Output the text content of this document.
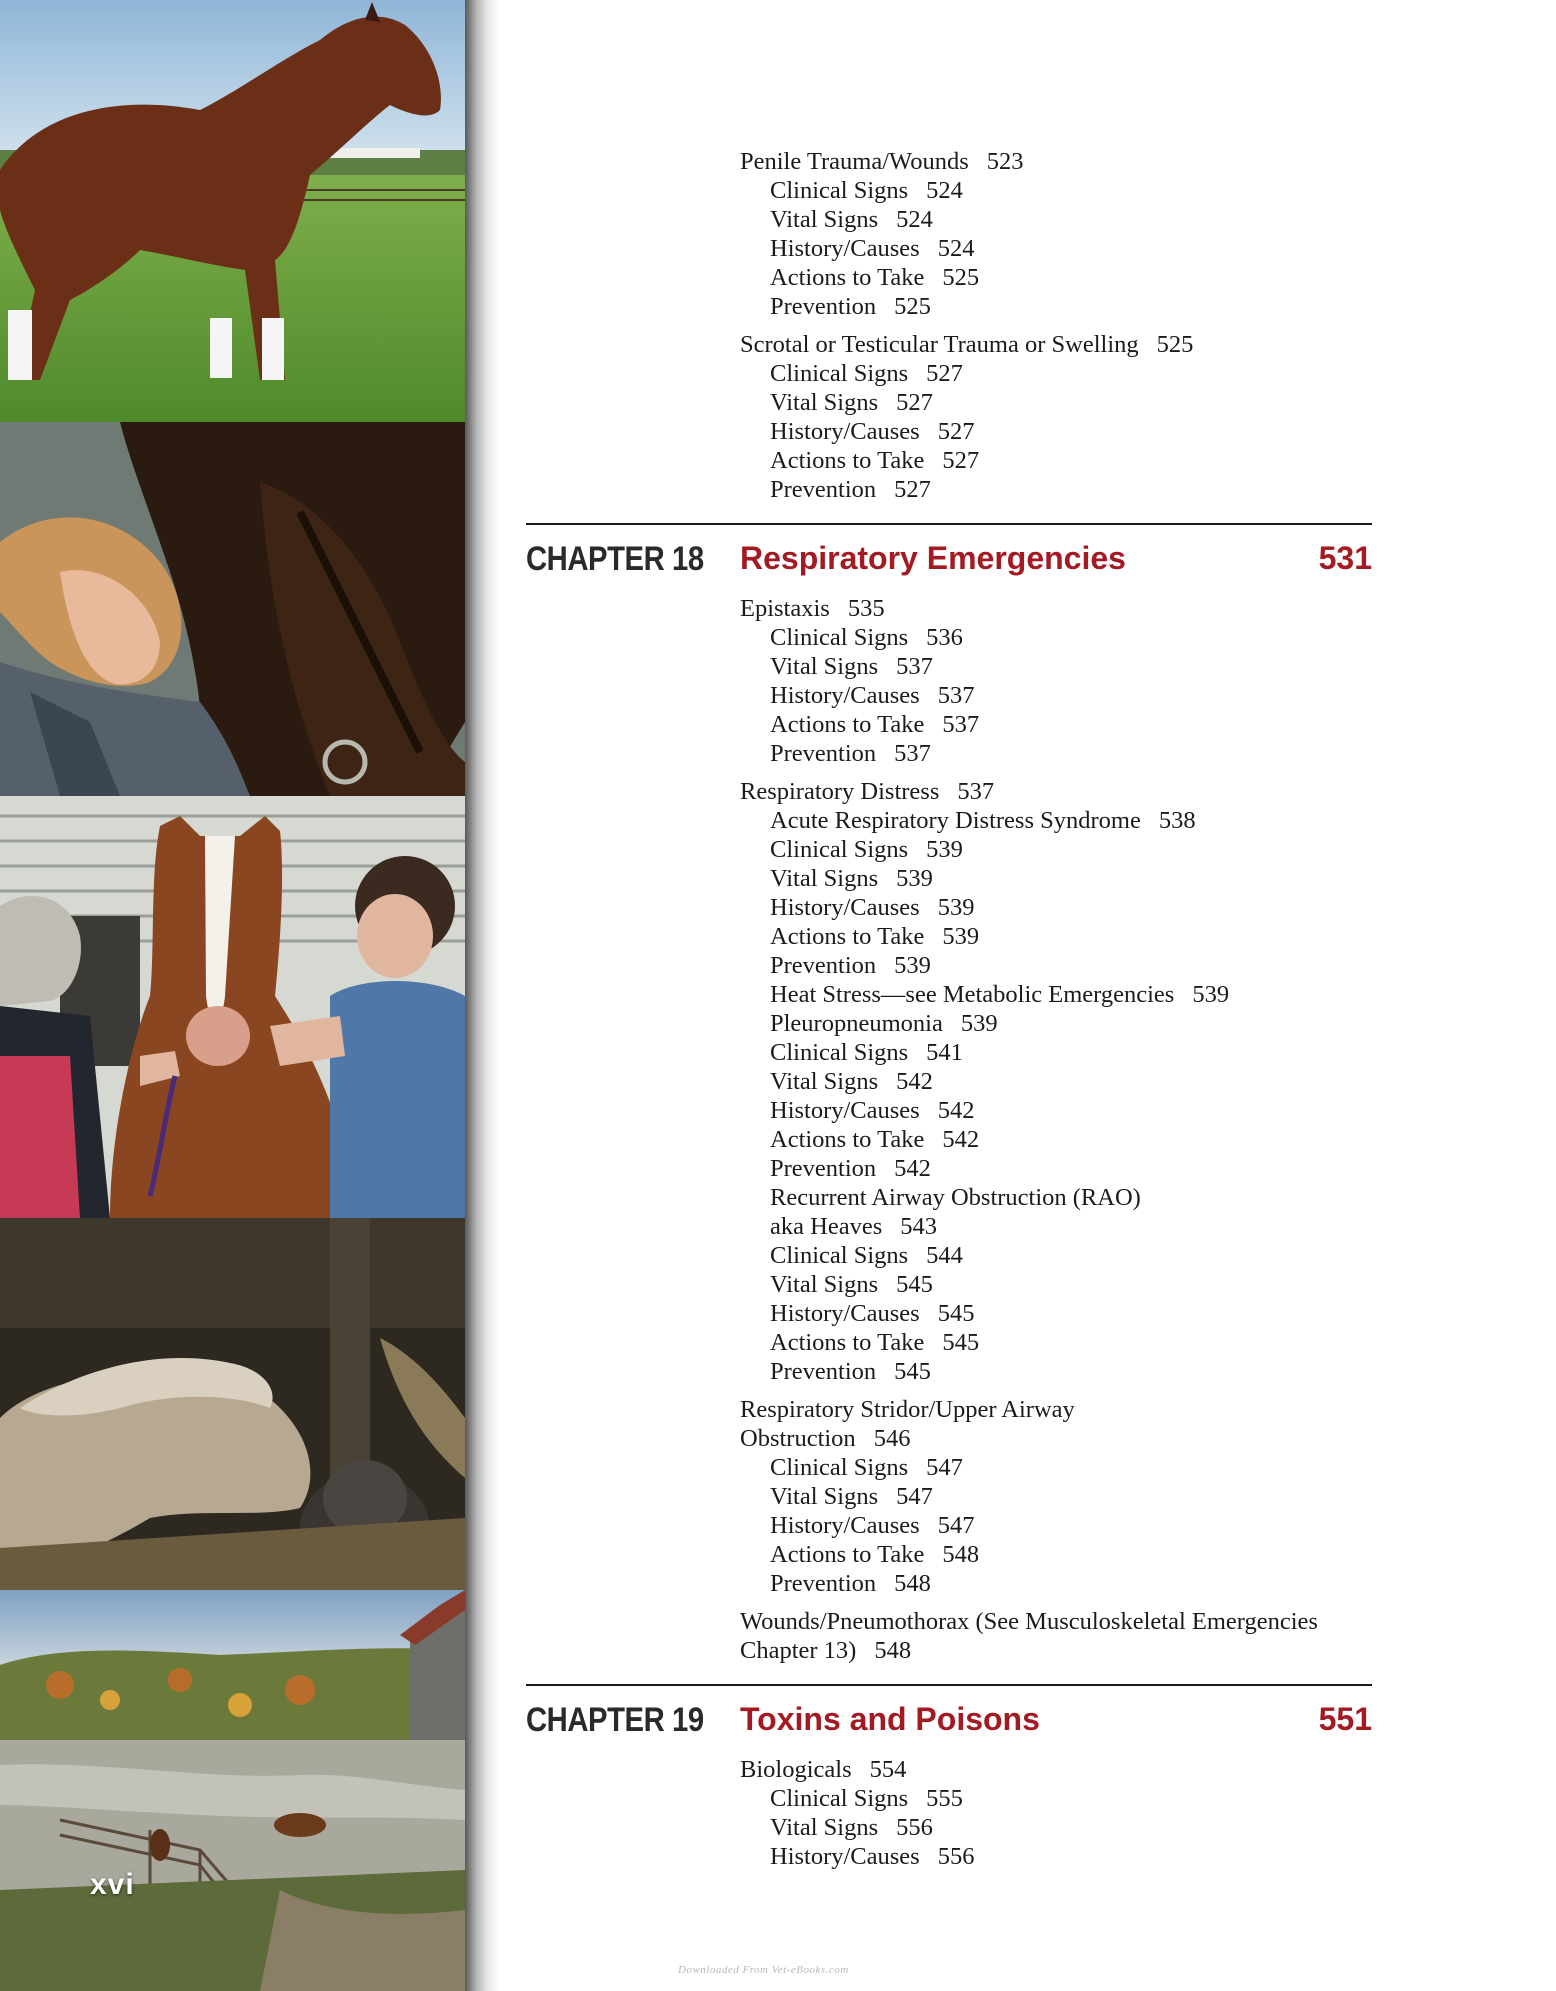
xvi
Penile Trauma/Wounds 523
Clinical Signs 524
Vital Signs 524
History/Causes 524
Actions to Take 525
Prevention 525
Scrotal or Testicular Trauma or Swelling 525
Clinical Signs 527
Vital Signs 527
History/Causes 527
Actions to Take 527
Prevention 527
CHAPTER 18 Respiratory Emergencies	531
Epistaxis 535
Clinical Signs 536
Vital Signs 537
History/Causes 537
Actions to Take 537
Prevention 537
Respiratory Distress 537
Acute Respiratory Distress Syndrome 538
Clinical Signs 539
Vital Signs 539
History/Causes 539
Actions to Take 539
Prevention 539
Heat Stress—see Metabolic Emergencies 539
Pleuropneumonia 539
Clinical Signs 541
Vital Signs 542
History/Causes 542
Actions to Take 542
Prevention 542
Recurrent Airway Obstruction (RAO)
aka Heaves 543
Clinical Signs 544
Vital Signs 545
History/Causes 545
Actions to Take 545
Prevention 545
Respiratory Stridor/Upper Airway
Obstruction 546
Clinical Signs 547
Vital Signs 547
History/Causes 547
Actions to Take 548
Prevention 548
Wounds/Pneumothorax (See Musculoskeletal Emergencies
Chapter 13) 548
CHAPTER 19 Toxins and Poisons	551
Biologicals 554
Clinical Signs 555
Vital Signs 556
History/Causes 556
Downloaded From Vet-eBooks.com
